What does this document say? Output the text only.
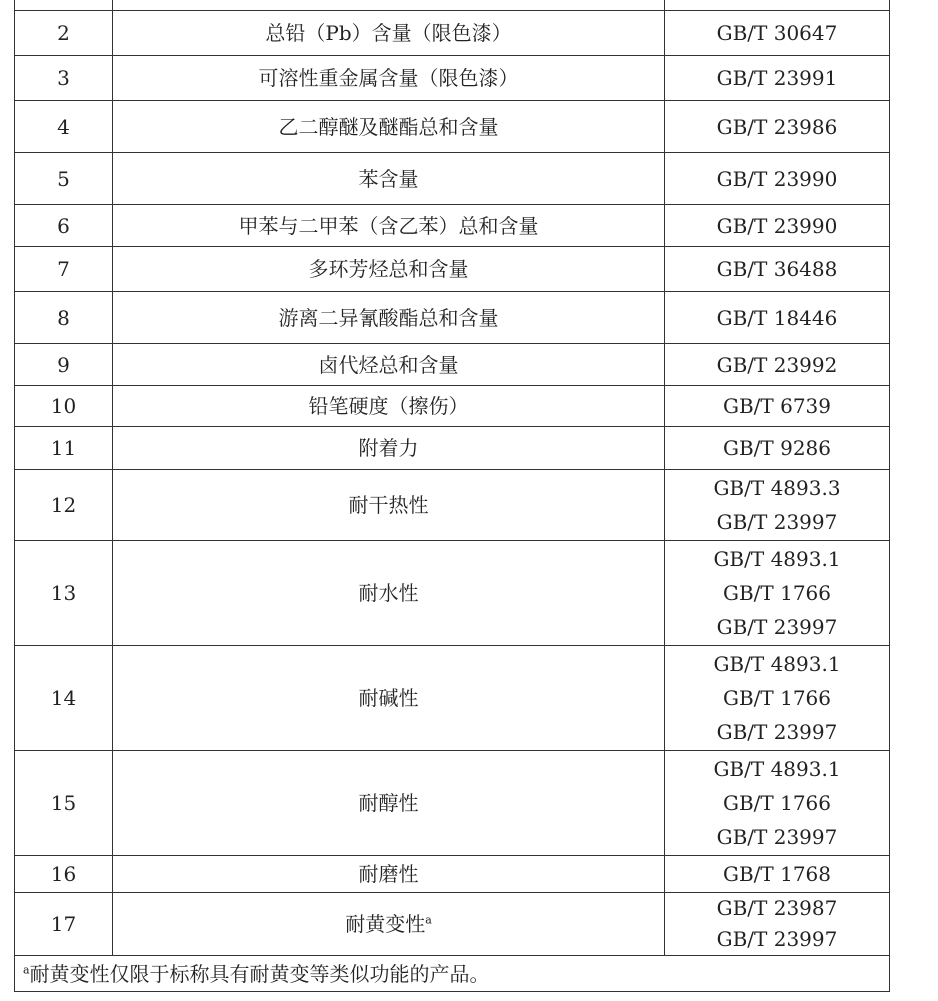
2	总铅（Pb）含量（限色漆）	GB/T 30647
3	可溶性重金属含量（限色漆）	GB/T 23991
4	乙二醇醚及醚酯总和含量	GB/T 23986
5	苯含量	GB/T 23990
6	甲苯与二甲苯（含乙苯）总和含量	GB/T 23990
7	多环芳烃总和含量	GB/T 36488
8	游离二异氰酸酯总和含量	GB/T 18446
9	卤代烃总和含量	GB/T 23992
10	铅笔硬度（擦伤）	GB/T 6739
11	附着力	GB/T 9286
12	耐干热性	GB/T 4893.3
GB/T 23997

13	耐水性	GB/T 4893.1
GB/T 1766
GB/T 23997

14	耐碱性	GB/T 4893.1
GB/T 1766
GB/T 23997

15	耐醇性	GB/T 4893.1
GB/T 1766
GB/T 23997

16	耐磨性	GB/T 1768
17	耐黄变性$^a$	GB/T 23987
GB/T 23997

$^a$耐黄变性仅限于标称具有耐黄变等类似功能的产品。		
